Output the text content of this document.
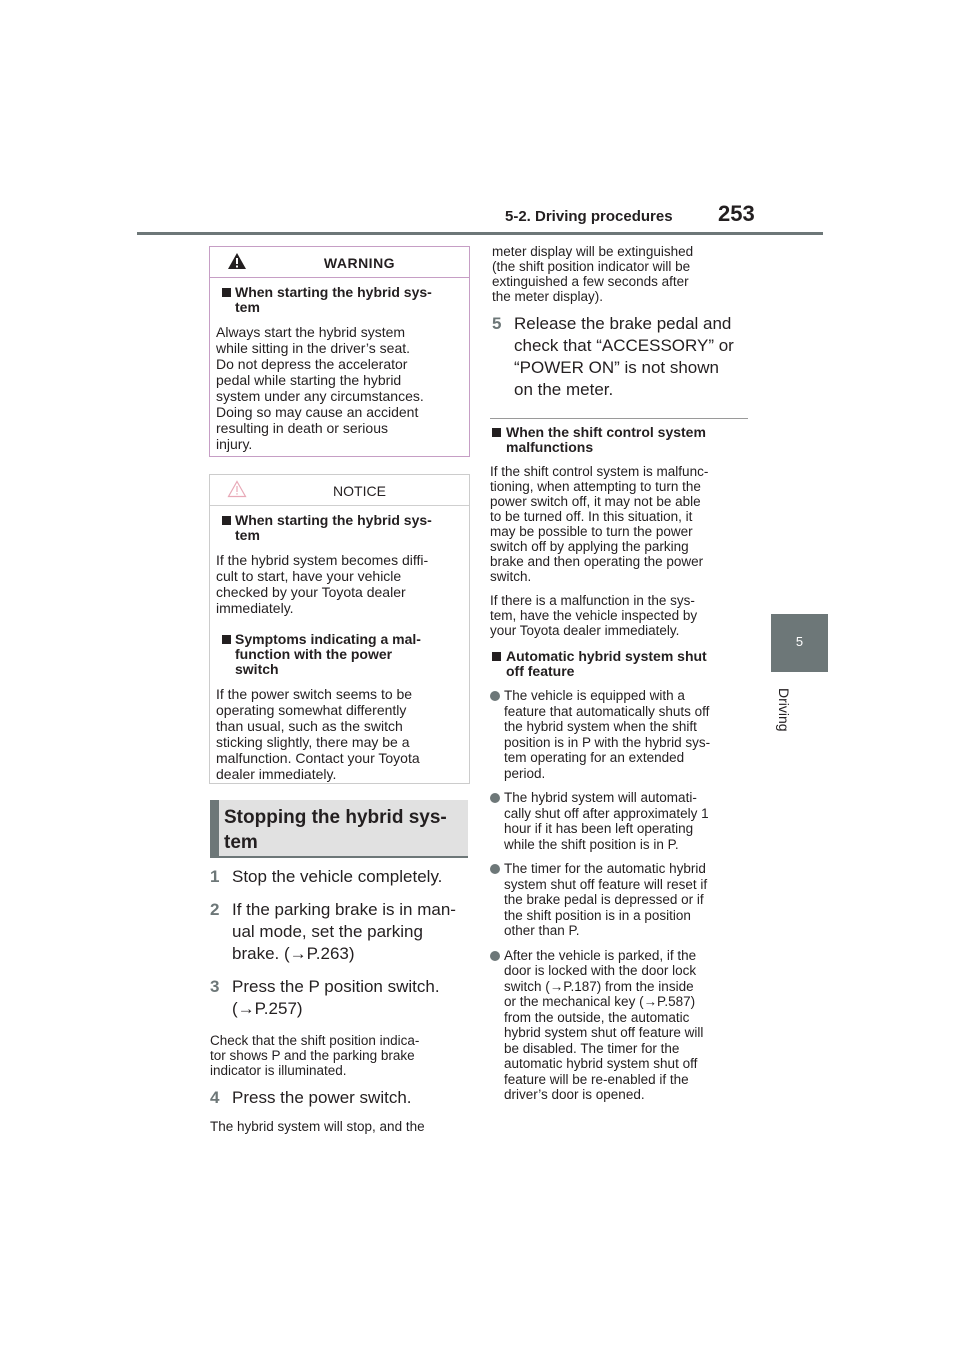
5-2. Driving procedures 253
5
Driving
WARNING

When starting the hybrid sys-
tem

Always start the hybrid system
while sitting in the driver’s seat.
Do not depress the accelerator
pedal while starting the hybrid
system under any circumstances.
Doing so may cause an accident
resulting in death or serious
injury.

NOTICE

When starting the hybrid sys-
tem

If the hybrid system becomes diffi-
cult to start, have your vehicle
checked by your Toyota dealer
immediately.

Symptoms indicating a mal-
function with the power
switch

If the power switch seems to be
operating somewhat differently
than usual, such as the switch
sticking slightly, there may be a
malfunction. Contact your Toyota
dealer immediately.

Stopping the hybrid sys-
tem
1 Stop the vehicle completely.
2 If the parking brake is in man-
ual mode, set the parking
brake. (→P.263)
3 Press the P position switch.
(→P.257)

Check that the shift position indica-
tor shows P and the parking brake
indicator is illuminated.

4 Press the power switch.

The hybrid system will stop, and the

meter display will be extinguished
(the shift position indicator will be
extinguished a few seconds after
the meter display).

5 Release the brake pedal and
check that “ACCESSORY” or
“POWER ON” is not shown
on the meter.

When the shift control system
malfunctions

If the shift control system is malfunc-
tioning, when attempting to turn the
power switch off, it may not be able
to be turned off. In this situation, it
may be possible to turn the power
switch off by applying the parking
brake and then operating the power
switch.

If there is a malfunction in the sys-
tem, have the vehicle inspected by
your Toyota dealer immediately.

Automatic hybrid system shut
off feature

The vehicle is equipped with a
feature that automatically shuts off
the hybrid system when the shift
position is in P with the hybrid sys-
tem operating for an extended
period.

The hybrid system will automati-
cally shut off after approximately 1
hour if it has been left operating
while the shift position is in P.

The timer for the automatic hybrid
system shut off feature will reset if
the brake pedal is depressed or if
the shift position is in a position
other than P.

After the vehicle is parked, if the
door is locked with the door lock
switch (→P.187) from the inside
or the mechanical key (→P.587)
from the outside, the automatic
hybrid system shut off feature will
be disabled. The timer for the
automatic hybrid system shut off
feature will be re-enabled if the
driver’s door is opened.
